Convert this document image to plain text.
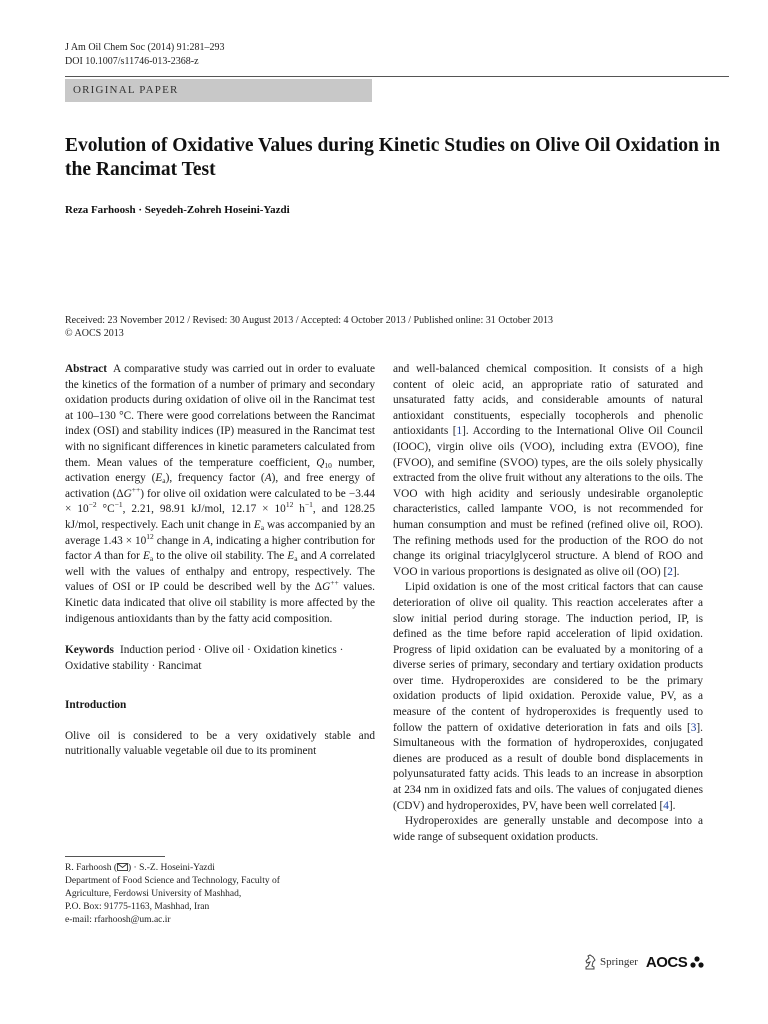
J Am Oil Chem Soc (2014) 91:281–293
DOI 10.1007/s11746-013-2368-z
ORIGINAL PAPER
Evolution of Oxidative Values during Kinetic Studies on Olive Oil Oxidation in the Rancimat Test
Reza Farhoosh · Seyedeh-Zohreh Hoseini-Yazdi
Received: 23 November 2012 / Revised: 30 August 2013 / Accepted: 4 October 2013 / Published online: 31 October 2013
© AOCS 2013

Abstract A comparative study was carried out in order to evaluate the kinetics of the formation of a number of primary and secondary oxidation products during oxidation of olive oil in the Rancimat test at 100–130 °C. There were good correlations between the Rancimat index (OSI) and stability indices (IP) measured in the Rancimat test with no significant differences in kinetic parameters calculated from them. Mean values of the temperature coefficient, $Q_{10}$ number, activation energy $(E_a)$, frequency factor (A), and free energy of activation (ΔG++) for olive oil oxidation were calculated to be $-3.44 \times 10^{-2}$ $^\circ C^{-1}$, 2.21, 98.91 kJ/mol, $12.17 \times 10^{12}$ $h^{-1}$, and 128.25 kJ/mol, respectively. Each unit change in $E_a$ was accompanied by an average $1.43 \times 10^{12}$ change in A, indicating a higher contribution for factor A than for $E_a$ to the olive oil stability. The $E_a$ and A correlated well with the values of enthalpy and entropy, respectively. The values of OSI or IP could be described well by the ΔG++ values. Kinetic data indicated that olive oil stability is more affected by the indigenous antioxidants than by the fatty acid composition.

Keywords Induction period · Olive oil · Oxidation kinetics · Oxidative stability · Rancimat

Introduction

Olive oil is considered to be a very oxidatively stable and nutritionally valuable vegetable oil due to its prominent

R. Farhoosh ( ) · S.-Z. Hoseini-Yazdi
Department of Food Science and Technology, Faculty of
Agriculture, Ferdowsi University of Mashhad,
P.O. Box: 91775-1163, Mashhad, Iran
e-mail: rfarhoosh@um.ac.ir

and well-balanced chemical composition. It consists of a high content of oleic acid, an appropriate ratio of saturated and unsaturated fatty acids, and considerable amounts of natural antioxidant constituents, especially tocopherols and phenolic antioxidants [1]. According to the International Olive Oil Council (IOOC), virgin olive oils (VOO), including extra (EVOO), fine (FVOO), and semifine (SVOO) types, are the oils solely physically extracted from the olive fruit without any alterations to the oils. The VOO with high acidity and seriously undesirable organoleptic characteristics, called lampante VOO, is not recommended for human consumption and must be refined (refined olive oil, ROO). The refining methods used for the production of the ROO do not change its original triacylglycerol structure. A blend of ROO and VOO in various proportions is designated as olive oil (OO) [2].

Lipid oxidation is one of the most critical factors that can cause deterioration of olive oil quality. This reaction accelerates after a slow initial period during storage. The induction period, IP, is defined as the time before rapid acceleration of lipid oxidation. Progress of lipid oxidation can be evaluated by a monitoring of a diverse series of primary, secondary and tertiary oxidation products over time. Hydroperoxides are considered to be the primary oxidation products of lipid oxidation. Peroxide value, PV, as a measure of the content of hydroperoxides is frequently used to follow the pattern of oxidative deterioration in fats and oils [3]. Simultaneous with the formation of hydroperoxides, conjugated dienes are produced as a result of double bond displacements in polyunsaturated fatty acids. This leads to an increase in absorption at 234 nm in oxidized fats and oils. The values of conjugated dienes (CDV) and hydroperoxides, PV, have been well correlated [4].

Hydroperoxides are generally unstable and decompose into a wide range of subsequent oxidation products.

Springer AOCS
